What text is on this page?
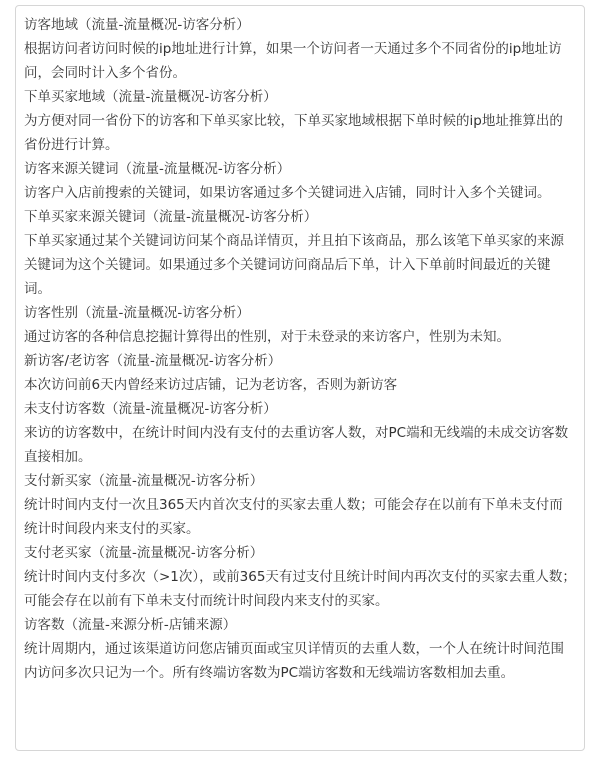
访客地域（流量-流量概况-访客分析）

根据访问者访问时候的ip地址进行计算，如果一个访问者一天通过多个不同省份的ip地址访问，会同时计入多个省份。

下单买家地域（流量-流量概况-访客分析）

为方便对同一省份下的访客和下单买家比较，下单买家地域根据下单时候的ip地址推算出的省份进行计算。

访客来源关键词（流量-流量概况-访客分析）

访客户入店前搜索的关键词，如果访客通过多个关键词进入店铺，同时计入多个关键词。

下单买家来源关键词（流量-流量概况-访客分析）

下单买家通过某个关键词访问某个商品详情页，并且拍下该商品，那么该笔下单买家的来源关键词为这个关键词。如果通过多个关键词访问商品后下单，计入下单前时间最近的关键词。

访客性别（流量-流量概况-访客分析）

通过访客的各种信息挖掘计算得出的性别，对于未登录的来访客户，性别为未知。

新访客/老访客（流量-流量概况-访客分析）

本次访问前6天内曾经来访过店铺，记为老访客，否则为新访客

未支付访客数（流量-流量概况-访客分析）

来访的访客数中，在统计时间内没有支付的去重访客人数，对PC端和无线端的未成交访客数直接相加。

支付新买家（流量-流量概况-访客分析）

统计时间内支付一次且365天内首次支付的买家去重人数；可能会存在以前有下单未支付而统计时间段内来支付的买家。

支付老买家（流量-流量概况-访客分析）

统计时间内支付多次（>1次），或前365天有过支付且统计时间内再次支付的买家去重人数；可能会存在以前有下单未支付而统计时间段内来支付的买家。

访客数（流量-来源分析-店铺来源）

统计周期内，通过该渠道访问您店铺页面或宝贝详情页的去重人数，一个人在统计时间范围内访问多次只记为一个。所有终端访客数为PC端访客数和无线端访客数相加去重。
